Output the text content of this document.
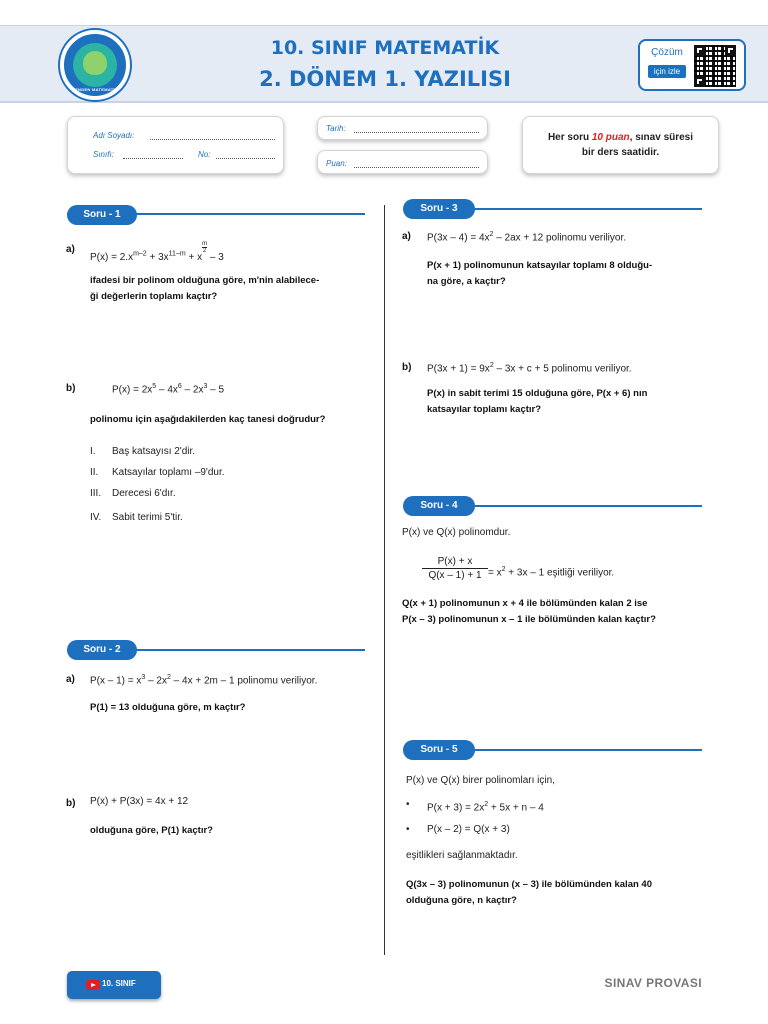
BENDEN MATEMATİK
10. SINIF MATEMATİK
2. DÖNEM 1. YAZILISI
Çözüm
için izle
Adı Soyadı:
Sınıfı:	No:
Tarih:
Puan:
Her soru 10 puan, sınav süresi
bir ders saatidir.
Soru - 1
a)
$P(x) = 2.x^{m-2} + 3x^{11-m} + x$
$^{\frac{m}{2}}$
– 3
ifadesi bir polinom olduğuna göre, m'nin alabilece-
ği değerlerin toplamı kaçtır?
b)	$P(x) = 2x^5 - 4x^6 - 2x^3 - 5$
polinomu için aşağıdakilerden kaç tanesi doğrudur?
I. Baş katsayısı 2'dir.
II. Katsayılar toplamı –9'dur.
III. Derecesi 6'dır.
IV. Sabit terimi 5'tir.
Soru - 2
a) $P(x - 1) = x^3 - 2x^2 - 4x + 2m - 1$ polinomu veriliyor.
P(1) = 13 olduğuna göre, m kaçtır?
b) P(x) + P(3x) = 4x + 12
olduğuna göre, P(1) kaçtır?
Soru - 3
a) $P(3x - 4) = 4x^2 - 2ax + 12$ polinomu veriliyor.
P(x + 1) polinomunun katsayılar toplamı 8 olduğu-
na göre, a kaçtır?
b) $P(3x + 1) = 9x^2 - 3x + c + 5$ polinomu veriliyor.
P(x) in sabit terimi 15 olduğuna göre, P(x + 6) nın
katsayılar toplamı kaçtır?
Soru - 4
P(x) ve Q(x) polinomdur.
$\frac{P(x) + x}{Q(x - 1) + 1} = x^2 + 3x - 1$ eşitliği veriliyor.
Q(x + 1) polinomunun x + 4 ile bölümünden kalan 2 ise
P(x – 3) polinomunun x – 1 ile bölümünden kalan kaçtır?
Soru - 5
P(x) ve Q(x) birer polinomları için,
• $P(x + 3) = 2x^2 + 5x + n - 4$
• P(x – 2) = Q(x + 3)
eşitlikleri sağlanmaktadır.
Q(3x – 3) polinomunun (x – 3) ile bölümünden kalan 40
olduğuna göre, n kaçtır?
10. SINIF	SINAV PROVASI
